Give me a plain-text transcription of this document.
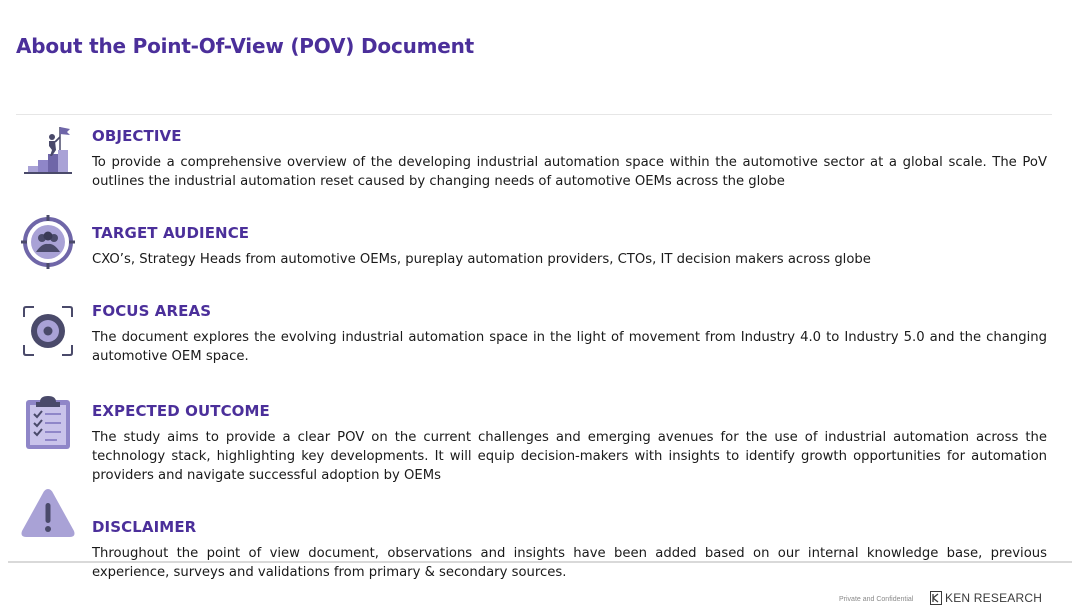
About the Point-Of-View (POV) Document
OBJECTIVE

To provide a comprehensive overview of the developing industrial automation space within the automotive sector at a global scale. The PoV outlines the industrial automation reset caused by changing needs of automotive OEMs across the globe

TARGET AUDIENCE

CXO’s, Strategy Heads from automotive OEMs, pureplay automation providers, CTOs, IT decision makers across globe

FOCUS AREAS

The document explores the evolving industrial automation space in the light of movement from Industry 4.0 to Industry 5.0 and the changing automotive OEM space.

EXPECTED OUTCOME

The study aims to provide a clear POV on the current challenges and emerging avenues for the use of industrial automation across the technology stack, highlighting key developments. It will equip decision-makers with insights to identify growth opportunities for automation providers and navigate successful adoption by OEMs

DISCLAIMER

Throughout the point of view document, observations and insights have been added based on our internal knowledge base, previous experience, surveys and validations from primary & secondary sources.

Private and Confidential	KEN RESEARCH
